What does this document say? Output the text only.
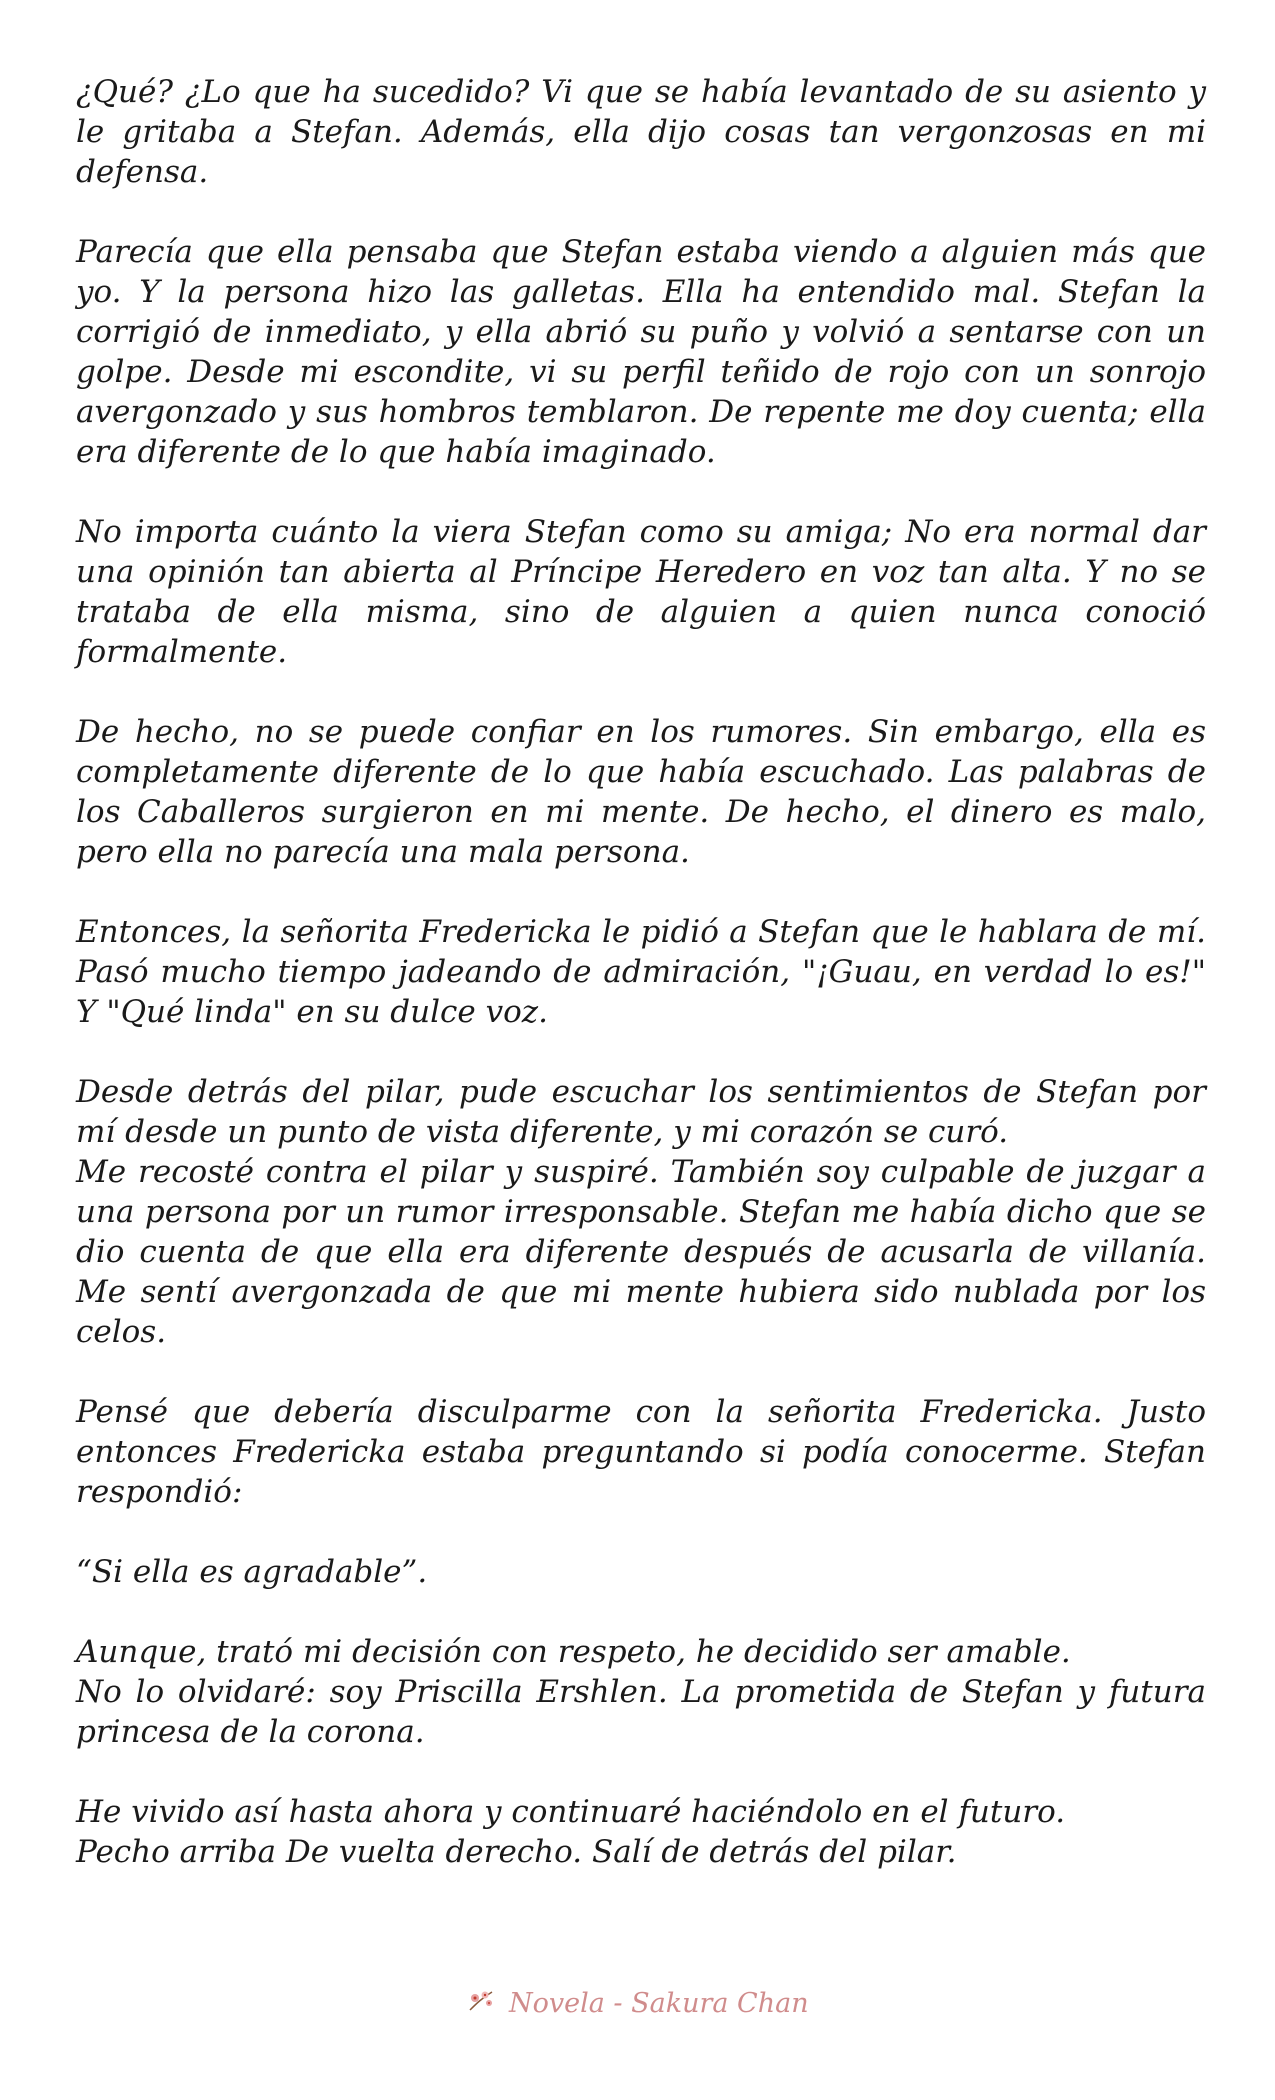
¿Qué? ¿Lo que ha sucedido? Vi que se había levantado de su asiento y le gritaba a Stefan. Además, ella dijo cosas tan vergonzosas en mi defensa.
Parecía que ella pensaba que Stefan estaba viendo a alguien más que yo. Y la persona hizo las galletas. Ella ha entendido mal. Stefan la corrigió de inmediato, y ella abrió su puño y volvió a sentarse con un golpe. Desde mi escondite, vi su perfil teñido de rojo con un sonrojo avergonzado y sus hombros temblaron. De repente me doy cuenta; ella era diferente de lo que había imaginado.
No importa cuánto la viera Stefan como su amiga; No era normal dar una opinión tan abierta al Príncipe Heredero en voz tan alta. Y no se trataba de ella misma, sino de alguien a quien nunca conoció formalmente.
De hecho, no se puede confiar en los rumores. Sin embargo, ella es completamente diferente de lo que había escuchado. Las palabras de los Caballeros surgieron en mi mente. De hecho, el dinero es malo, pero ella no parecía una mala persona.
Entonces, la señorita Fredericka le pidió a Stefan que le hablara de mí. Pasó mucho tiempo jadeando de admiración, "¡Guau, en verdad lo es!" Y "Qué linda" en su dulce voz.
Desde detrás del pilar, pude escuchar los sentimientos de Stefan por mí desde un punto de vista diferente, y mi corazón se curó.
Me recosté contra el pilar y suspiré. También soy culpable de juzgar a una persona por un rumor irresponsable. Stefan me había dicho que se dio cuenta de que ella era diferente después de acusarla de villanía. Me sentí avergonzada de que mi mente hubiera sido nublada por los celos.
Pensé que debería disculparme con la señorita Fredericka. Justo entonces Fredericka estaba preguntando si podía conocerme. Stefan respondió:
“Si ella es agradable”.
Aunque, trató mi decisión con respeto, he decidido ser amable.
No lo olvidaré: soy Priscilla Ershlen. La prometida de Stefan y futura princesa de la corona.
He vivido así hasta ahora y continuaré haciéndolo en el futuro.
Pecho arriba De vuelta derecho. Salí de detrás del pilar.
Novela - Sakura Chan
